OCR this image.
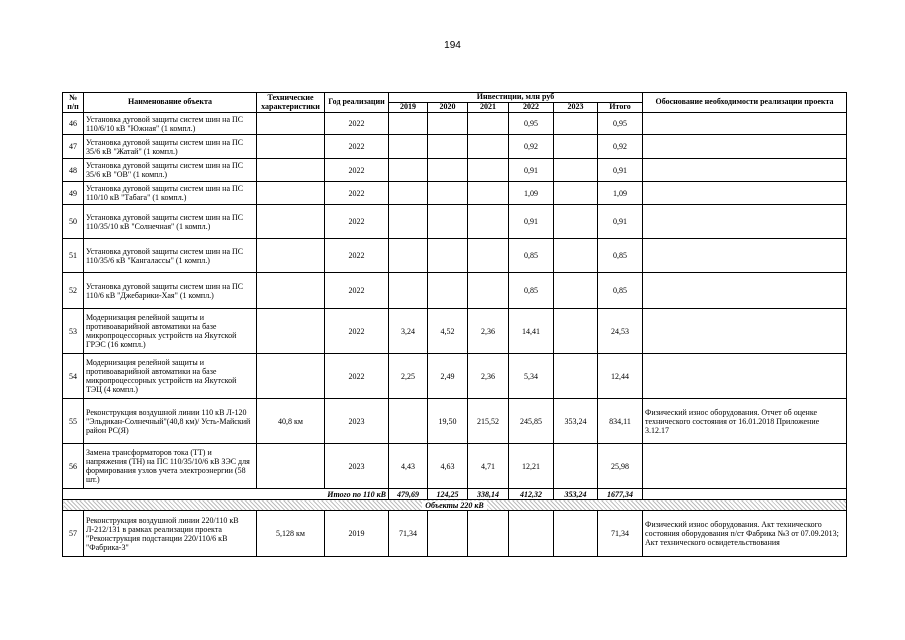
194
№ п/п	Наименование объекта	Технические характеристики	Год реализации	Инвестиции, млн руб						Обоснование необходимости реализации проекта
				2019	2020	2021	2022	2023	Итого	
46	Установка дуговой защиты систем шин на ПС 110/6/10 кВ "Южная" (1 компл.)		2022				0,95		0,95	
47	Установка дуговой защиты систем шин на ПС 35/6 кВ "Жатай" (1 компл.)		2022				0,92		0,92	
48	Установка дуговой защиты систем шин на ПС 35/6 кВ "ОВ" (1 компл.)		2022				0,91		0,91	
49	Установка дуговой защиты систем шин на ПС 110/10 кВ "Табага" (1 компл.)		2022				1,09		1,09	
50	Установка дуговой защиты систем шин на ПС 110/35/10 кВ "Солнечная" (1 компл.)		2022				0,91		0,91	
51	Установка дуговой защиты систем шин на ПС 110/35/6 кВ "Кангалассы" (1 компл.)		2022				0,85		0,85	
52	Установка дуговой защиты систем шин на ПС 110/6 кВ "Джебарики-Хая" (1 компл.)		2022				0,85		0,85	
53	Модернизация релейной защиты и противоаварийной автоматики на базе микропроцессорных устройств на Якутской ГРЭС (16 компл.)		2022	3,24	4,52	2,36	14,41		24,53	
54	Модернизация релейной защиты и противоаварийной автоматики на базе микропроцессорных устройств на Якутской ТЭЦ (4 компл.)		2022	2,25	2,49	2,36	5,34		12,44	
55	Реконструкция воздушной линии 110 кВ Л-120 "Эльдикан-Солнечный"(40,8 км)/ Усть-Майский район РС(Я)	40,8 км	2023		19,50	215,52	245,85	353,24	834,11	Физический износ оборудования. Отчет об оценке технического состояния от 16.01.2018 Приложение 3.12.17
56	Замена трансформаторов тока (ТТ) и напряжения (ТН) на ПС 110/35/10/6 кВ ЗЭС для формирования узлов учета электроэнергии (58 шт.)		2023	4,43	4,63	4,71	12,21		25,98	
Итого по 110 кВ				479,69	124,25	338,14	412,32	353,24	1677,34	
Объекты 220 кВ										
57	Реконструкция воздушной линии 220/110 кВ Л-212/131 в рамках реализации проекта "Реконструкция подстанции 220/110/6 кВ "Фабрика-3"	5,128 км	2019	71,34					71,34	Физический износ оборудования. Акт технического состояния оборудования п/ст Фабрика №3 от 07.09.2013; Акт технического освидетельствования
